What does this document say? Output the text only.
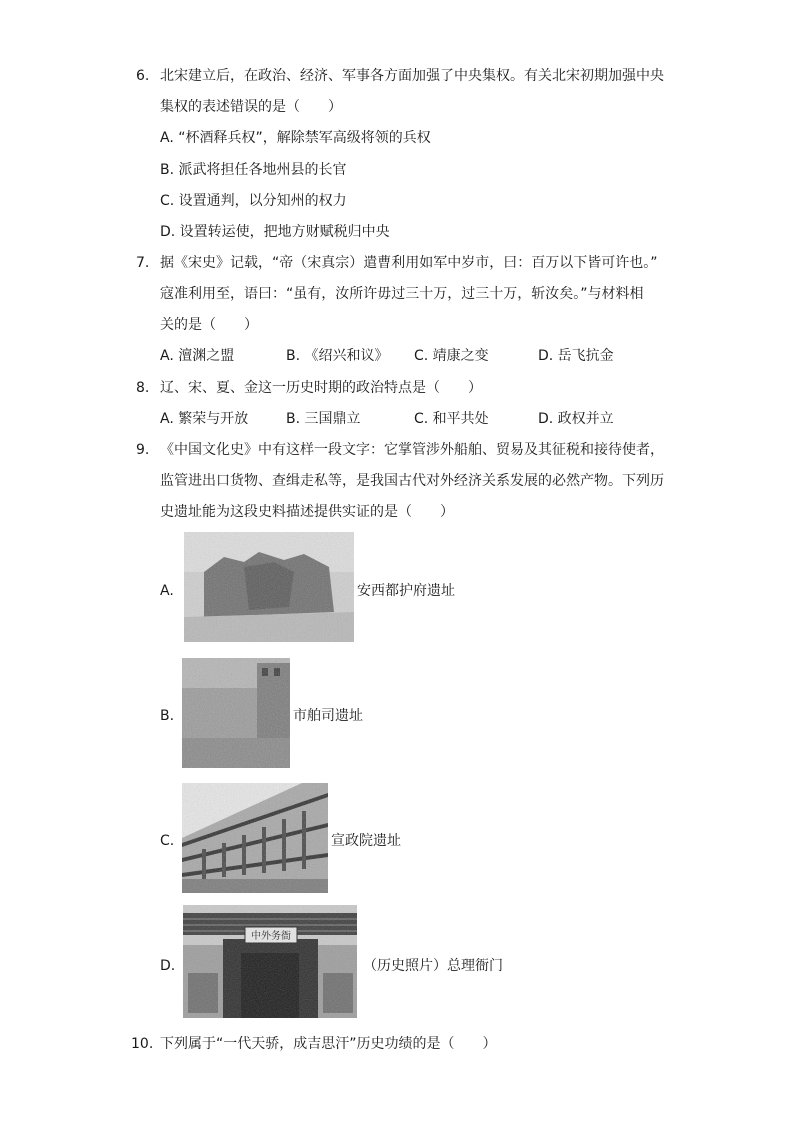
6. 北宋建立后，在政治、经济、军事各方面加强了中央集权。有关北宋初期加强中央
集权的表述错误的是（　　）
A. “杯酒释兵权”，解除禁军高级将领的兵权
B. 派武将担任各地州县的长官
C. 设置通判，以分知州的权力
D. 设置转运使，把地方财赋税归中央
7. 据《宋史》记载，“帝（宋真宗）遣曹利用如军中岁市，曰：百万以下皆可许也。”
寇准利用至，语曰：“虽有，汝所许毋过三十万，过三十万，斩汝矣。”与材料相
关的是（　　）
A. 澶渊之盟	B. 《绍兴和议》 C. 靖康之变	D. 岳飞抗金
8. 辽、宋、夏、金这一历史时期的政治特点是（　　）
A. 繁荣与开放	B. 三国鼎立	C. 和平共处	D. 政权并立
9. 《中国文化史》中有这样一段文字：它掌管涉外船舶、贸易及其征税和接待使者，
监管进出口货物、查缉走私等，是我国古代对外经济关系发展的必然产物。下列历
史遗址能为这段史料描述提供实证的是（　　）
A.	安西都护府遗址
B.	市舶司遗址
C.	宣政院遗址
D.	（历史照片）总理衙门
10. 下列属于“一代天骄，成吉思汗”历史功绩的是（　　）
